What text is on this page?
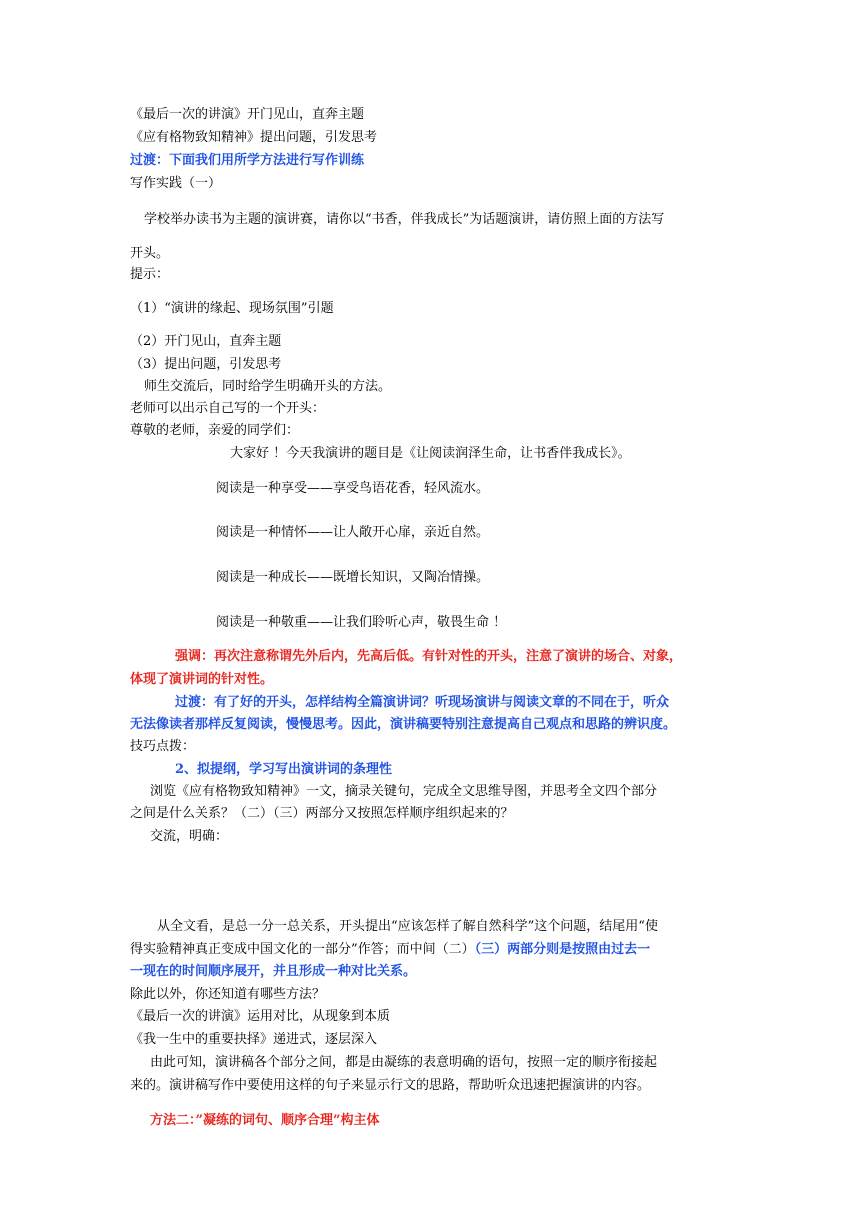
《最后一次的讲演》开门见山，直奔主题
《应有格物致知精神》提出问题，引发思考
过渡：下面我们用所学方法进行写作训练
写作实践（一）
学校举办读书为主题的演讲赛，请你以“书香，伴我成长”为话题演讲，请仿照上面的方法写
开头。
提示：
（1）“演讲的缘起、现场氛围”引题
（2）开门见山，直奔主题
（3）提出问题，引发思考
师生交流后，同时给学生明确开头的方法。
老师可以出示自己写的一个开头：
尊敬的老师，亲爱的同学们：
大家好 ！今天我演讲的题目是《让阅读润泽生命，让书香伴我成长》。
阅读是一种享受——享受鸟语花香，轻风流水。
阅读是一种情怀——让人敞开心扉，亲近自然。
阅读是一种成长——既增长知识，又陶冶情操。
阅读是一种敬重——让我们聆听心声，敬畏生命 ！
强调：再次注意称谓先外后内，先高后低。有针对性的开头，注意了演讲的场合、对象，
体现了演讲词的针对性。
过渡：有了好的开头，怎样结构全篇演讲词？听现场演讲与阅读文章的不同在于，听众
无法像读者那样反复阅读，慢慢思考。因此，演讲稿要特别注意提高自己观点和思路的辨识度。
技巧点拨：
2、拟提纲，学习写出演讲词的条理性
浏览《应有格物致知精神》一文，摘录关键句，完成全文思维导图，并思考全文四个部分
之间是什么关系？（二）（三）两部分又按照怎样顺序组织起来的？
交流，明确：
从全文看，是总一分一总关系，开头提出“应该怎样了解自然科学”这个问题，结尾用“使
得实验精神真正变成中国文化的一部分”作答；而中间（二）（三）两部分则是按照由过去一
一现在的时间顺序展开，并且形成一种对比关系。
除此以外，你还知道有哪些方法？
《最后一次的讲演》运用对比，从现象到本质
《我一生中的重要抉择》递进式，逐层深入
由此可知，演讲稿各个部分之间，都是由凝练的表意明确的语句，按照一定的顺序衔接起
来的。演讲稿写作中要使用这样的句子来显示行文的思路，帮助听众迅速把握演讲的内容。
方法二：”凝练的词句、顺序合理”构主体
